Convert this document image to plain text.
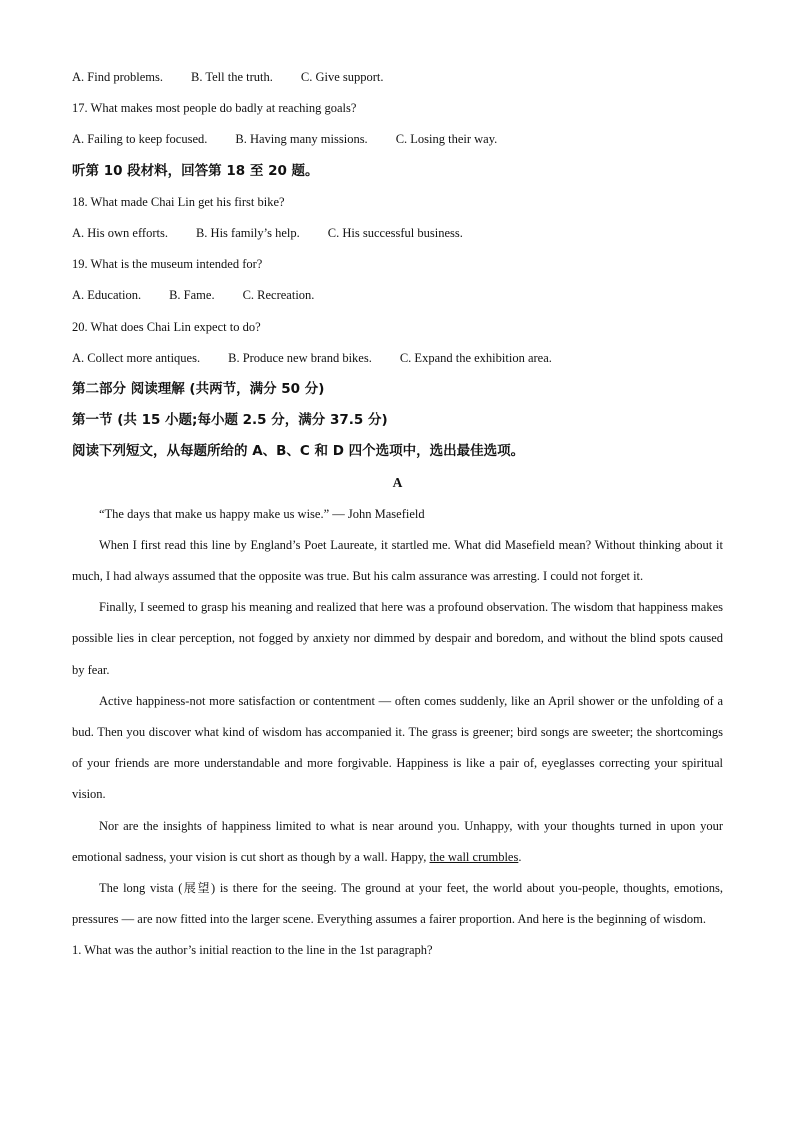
A. Find problems. B. Tell the truth. C. Give support.
17. What makes most people do badly at reaching goals?
A. Failing to keep focused. B. Having many missions. C. Losing their way.
听第 10 段材料，回答第 18 至 20 题。
18. What made Chai Lin get his first bike?
A. His own efforts. B. His family’s help. C. His successful business.
19. What is the museum intended for?
A. Education. B. Fame. C. Recreation.
20. What does Chai Lin expect to do?
A. Collect more antiques. B. Produce new brand bikes. C. Expand the exhibition area.
第二部分 阅读理解 (共两节，满分 50 分)
第一节 (共 15 小题;每小题 2.5 分，满分 37.5 分)
阅读下列短文，从每题所给的 A、B、C 和 D 四个选项中，选出最佳选项。
A
“The days that make us happy make us wise.” — John Masefield
When I first read this line by England’s Poet Laureate, it startled me. What did Masefield mean? Without thinking about it much, I had always assumed that the opposite was true. But his calm assurance was arresting. I could not forget it.
Finally, I seemed to grasp his meaning and realized that here was a profound observation. The wisdom that happiness makes possible lies in clear perception, not fogged by anxiety nor dimmed by despair and boredom, and without the blind spots caused by fear.
Active happiness-not more satisfaction or contentment — often comes suddenly, like an April shower or the unfolding of a bud. Then you discover what kind of wisdom has accompanied it. The grass is greener; bird songs are sweeter; the shortcomings of your friends are more understandable and more forgivable. Happiness is like a pair of, eyeglasses correcting your spiritual vision.
Nor are the insights of happiness limited to what is near around you. Unhappy, with your thoughts turned in upon your emotional sadness, your vision is cut short as though by a wall. Happy, the wall crumbles.
The long vista (展望) is there for the seeing. The ground at your feet, the world about you-people, thoughts, emotions, pressures — are now fitted into the larger scene. Everything assumes a fairer proportion. And here is the beginning of wisdom.
1. What was the author’s initial reaction to the line in the 1st paragraph?
